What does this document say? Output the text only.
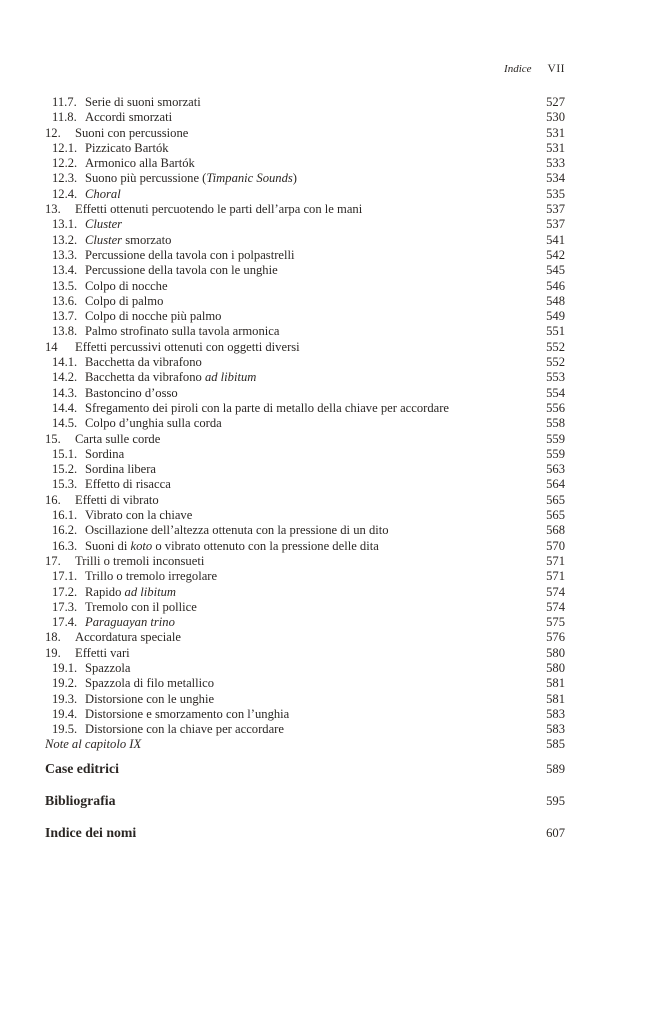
Indice VII
11.7. Serie di suoni smorzati	527
11.8. Accordi smorzati	530
12.	Suoni con percussione	531
12.1. Pizzicato Bartók	531
12.2. Armonico alla Bartók	533
12.3. Suono più percussione (Timpanic Sounds)	534
12.4. Choral	535
13.	Effetti ottenuti percuotendo le parti dell’arpa con le mani	537
13.1. Cluster	537
13.2. Cluster smorzato	541
13.3. Percussione della tavola con i polpastrelli	542
13.4. Percussione della tavola con le unghie	545
13.5. Colpo di nocche	546
13.6. Colpo di palmo	548
13.7. Colpo di nocche più palmo	549
13.8. Palmo strofinato sulla tavola armonica	551
14	Effetti percussivi ottenuti con oggetti diversi	552
14.1. Bacchetta da vibrafono	552
14.2. Bacchetta da vibrafono ad libitum	553
14.3. Bastoncino d’osso	554
14.4. Sfregamento dei piroli con la parte di metallo della chiave per accordare	556
14.5. Colpo d’unghia sulla corda	558
15.	Carta sulle corde	559
15.1. Sordina	559
15.2. Sordina libera	563
15.3. Effetto di risacca	564
16.	Effetti di vibrato	565
16.1. Vibrato con la chiave	565
16.2. Oscillazione dell’altezza ottenuta con la pressione di un dito	568
16.3. Suoni di koto o vibrato ottenuto con la pressione delle dita	570
17.	Trilli o tremoli inconsueti	571
17.1. Trillo o tremolo irregolare	571
17.2. Rapido ad libitum	574
17.3. Tremolo con il pollice	574
17.4. Paraguayan trino	575
18.	Accordatura speciale	576
19.	Effetti vari	580
19.1. Spazzola	580
19.2. Spazzola di filo metallico	581
19.3. Distorsione con le unghie	581
19.4. Distorsione e smorzamento con l’unghia	583
19.5. Distorsione con la chiave per accordare	583
Note al capitolo IX	585
Case editrici	589
Bibliografia	595
Indice dei nomi	607
